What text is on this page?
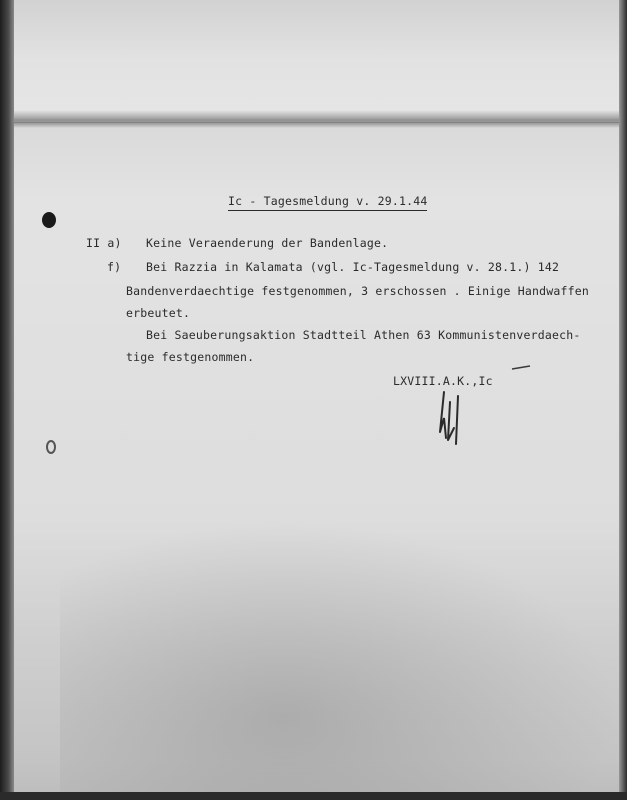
Ic - Tagesmeldung v. 29.1.44
II a) Keine Veraenderung der Bandenlage.
f) Bei Razzia in Kalamata (vgl. Ic-Tagesmeldung v. 28.1.) 142
Bandenverdaechtige festgenommen, 3 erschossen . Einige Handwaffen
erbeutet.
Bei Saeuberungsaktion Stadtteil Athen 63 Kommunistenverdaech-
tige festgenommen.
LXVIII.A.K.,Ic
